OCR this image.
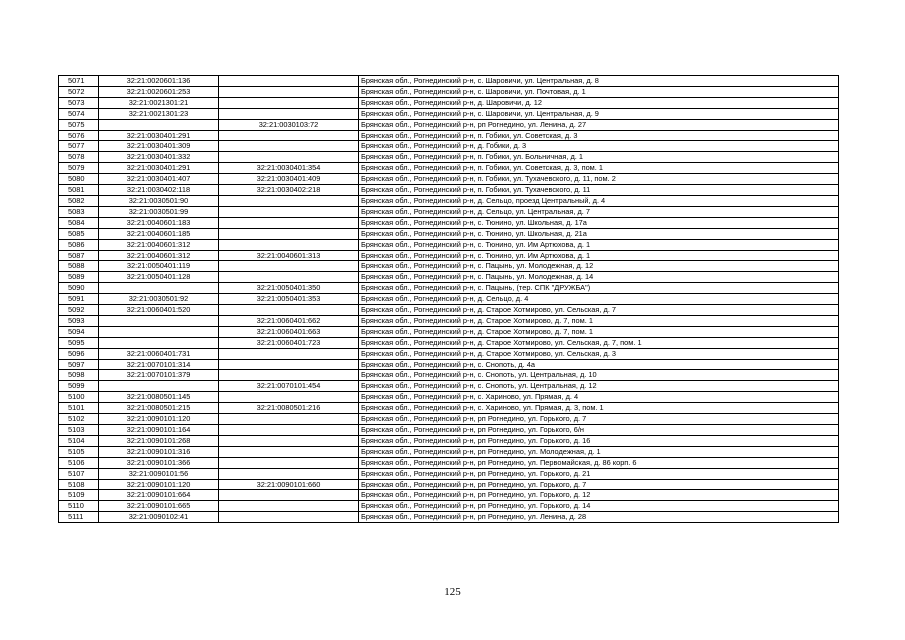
5071	32:21:0020601:136		Брянская обл., Рогнединский р-н, с. Шаровичи, ул. Центральная, д. 8
5072	32:21:0020601:253		Брянская обл., Рогнединский р-н, с. Шаровичи, ул. Почтовая, д. 1
5073	32:21:0021301:21		Брянская обл., Рогнединский р-н, д. Шаровичи, д. 12
5074	32:21:0021301:23		Брянская обл., Рогнединский р-н, с. Шаровичи, ул. Центральная, д. 9
5075		32:21:0030103:72	Брянская обл., Рогнединский р-н, рп Рогнедино, ул. Ленина, д. 27
5076	32:21:0030401:291		Брянская обл., Рогнединский р-н, п. Гобики, ул. Советская, д. 3
5077	32:21:0030401:309		Брянская обл., Рогнединский р-н, д. Гобики, д. 3
5078	32:21:0030401:332		Брянская обл., Рогнединский р-н, п. Гобики, ул. Больничная, д. 1
5079	32:21:0030401:291	32:21:0030401:354	Брянская обл., Рогнединский р-н, п. Гобики, ул. Советская, д. 3, пом. 1
5080	32:21:0030401:407	32:21:0030401:409	Брянская обл., Рогнединский р-н, п. Гобики, ул. Тухачевского, д. 11, пом. 2
5081	32:21:0030402:118	32:21:0030402:218	Брянская обл., Рогнединский р-н, п. Гобики, ул. Тухачевского, д. 11
5082	32:21:0030501:90		Брянская обл., Рогнединский р-н, д. Сельцо, проезд Центральный, д. 4
5083	32:21:0030501:99		Брянская обл., Рогнединский р-н, д. Сельцо, ул. Центральная, д. 7
5084	32:21:0040601:183		Брянская обл., Рогнединский р-н, с. Тюнино, ул. Школьная, д. 17а
5085	32:21:0040601:185		Брянская обл., Рогнединский р-н, с. Тюнино, ул. Школьная, д. 21а
5086	32:21:0040601:312		Брянская обл., Рогнединский р-н, с. Тюнино, ул. Им Артюхова, д. 1
5087	32:21:0040601:312	32:21:0040601:313	Брянская обл., Рогнединский р-н, с. Тюнино, ул. Им Артюхова, д. 1
5088	32:21:0050401:119		Брянская обл., Рогнединский р-н, с. Пацынь, ул. Молодежная, д. 12
5089	32:21:0050401:128		Брянская обл., Рогнединский р-н, с. Пацынь, ул. Молодежная, д. 14
5090		32:21:0050401:350	Брянская обл., Рогнединский р-н, с. Пацынь, (тер. СПК "ДРУЖБА")
5091	32:21:0030501:92	32:21:0050401:353	Брянская обл., Рогнединский р-н, д. Сельцо, д. 4
5092	32:21:0060401:520		Брянская обл., Рогнединский р-н, д. Старое Хотмирово, ул. Сельская, д. 7
5093		32:21:0060401:662	Брянская обл., Рогнединский р-н, д. Старое Хотмирово, д. 7, пом. 1
5094		32:21:0060401:663	Брянская обл., Рогнединский р-н, д. Старое Хотмирово, д. 7, пом. 1
5095		32:21:0060401:723	Брянская обл., Рогнединский р-н, д. Старое Хотмирово, ул. Сельская, д. 7, пом. 1
5096	32:21:0060401:731		Брянская обл., Рогнединский р-н, д. Старое Хотмирово, ул. Сельская, д. 3
5097	32:21:0070101:314		Брянская обл., Рогнединский р-н, с. Снопоть, д. 4а
5098	32:21:0070101:379		Брянская обл., Рогнединский р-н, с. Снопоть, ул. Центральная, д. 10
5099		32:21:0070101:454	Брянская обл., Рогнединский р-н, с. Снопоть, ул. Центральная, д. 12
5100	32:21:0080501:145		Брянская обл., Рогнединский р-н, с. Хариново, ул. Прямая, д. 4
5101	32:21:0080501:215	32:21:0080501:216	Брянская обл., Рогнединский р-н, с. Хариново, ул. Прямая, д. 3, пом. 1
5102	32:21:0090101:120		Брянская обл., Рогнединский р-н, рп Рогнедино, ул. Горького, д. 7
5103	32:21:0090101:164		Брянская обл., Рогнединский р-н, рп Рогнедино, ул. Горького, 6/н
5104	32:21:0090101:268		Брянская обл., Рогнединский р-н, рп Рогнедино, ул. Горького, д. 16
5105	32:21:0090101:316		Брянская обл., Рогнединский р-н, рп Рогнедино, ул. Молодежная, д. 1
5106	32:21:0090101:366		Брянская обл., Рогнединский р-н, рп Рогнедино, ул. Первомайская, д. 86 корп. 6
5107	32:21:0090101:56		Брянская обл., Рогнединский р-н, рп Рогнедино, ул. Горького, д. 21
5108	32:21:0090101:120	32:21:0090101:660	Брянская обл., Рогнединский р-н, рп Рогнедино, ул. Горького, д. 7
5109	32:21:0090101:664		Брянская обл., Рогнединский р-н, рп Рогнедино, ул. Горького, д. 12
5110	32:21:0090101:665		Брянская обл., Рогнединский р-н, рп Рогнедино, ул. Горького, д. 14
5111	32:21:0090102:41		Брянская обл., Рогнединский р-н, рп Рогнедино, ул. Ленина, д. 28
125
